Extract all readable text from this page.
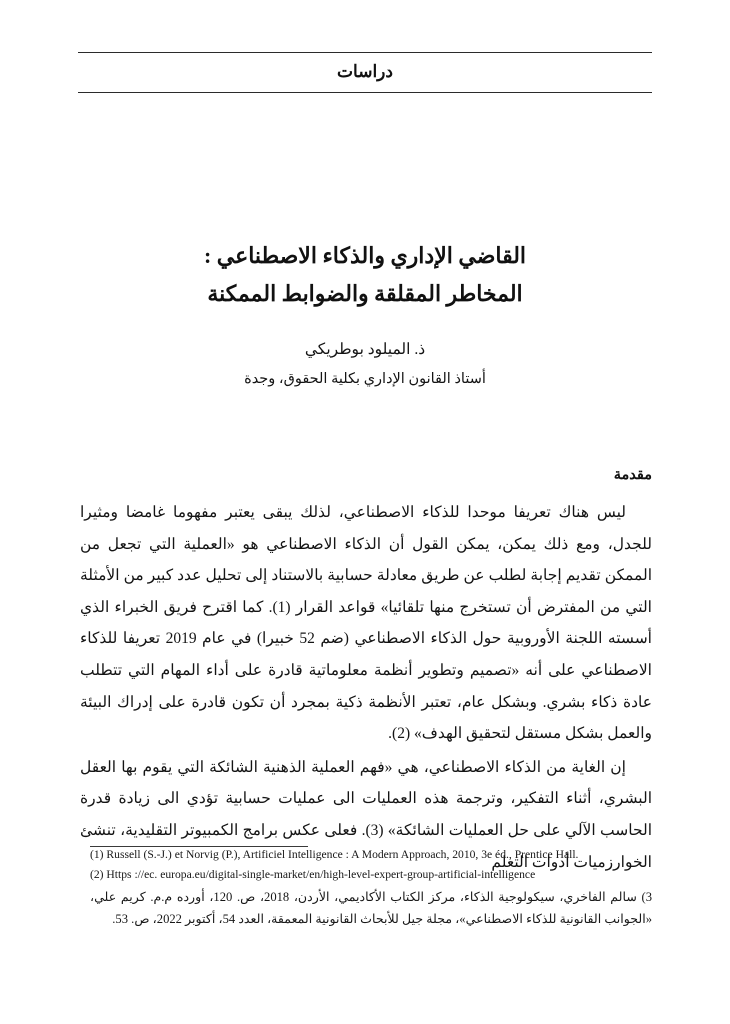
دراسات
القاضي الإداري والذكاء الاصطناعي :
المخاطر المقلقة والضوابط الممكنة
ذ. الميلود بوطريكي
أستاذ القانون الإداري بكلية الحقوق، وجدة
مقدمة

ليس هناك تعريفا موحدا للذكاء الاصطناعي، لذلك يبقى يعتبر مفهوما غامضا ومثيرا للجدل، ومع ذلك يمكن، يمكن القول أن الذكاء الاصطناعي هو «العملية التي تجعل من الممكن تقديم إجابة لطلب عن طريق معادلة حسابية بالاستناد إلى تحليل عدد كبير من الأمثلة التي من المفترض أن تستخرج منها تلقائيا» قواعد القرار (1). كما اقترح فريق الخبراء الذي أسسته اللجنة الأوروبية حول الذكاء الاصطناعي (ضم 52 خبيرا) في عام 2019 تعريفا للذكاء الاصطناعي على أنه «تصميم وتطوير أنظمة معلوماتية قادرة على أداء المهام التي تتطلب عادة ذكاء بشري. وبشكل عام، تعتبر الأنظمة ذكية بمجرد أن تكون قادرة على إدراك البيئة والعمل بشكل مستقل لتحقيق الهدف» (2).

إن الغاية من الذكاء الاصطناعي، هي «فهم العملية الذهنية الشائكة التي يقوم بها العقل البشري، أثناء التفكير، وترجمة هذه العمليات الى عمليات حسابية تؤدي الى زيادة قدرة الحاسب الآلي على حل العمليات الشائكة» (3). فعلى عكس برامج الكمبيوتر التقليدية، تنشئ الخوارزميات أدوات التعلم

(1) Russell (S.-J.) et Norvig (P.), Artificiel Intelligence : A Modern Approach, 2010, 3e éd., Prentice Hall.

(2) Https ://ec. europa.eu/digital-single-market/en/high-level-expert-group-artificial-intelligence

3) سالم الفاخري، سيكولوجية الذكاء، مركز الكتاب الأكاديمي، الأردن، 2018، ص. 120، أورده م.م. كريم علي، «الجوانب القانونية للذكاء الاصطناعي»، مجلة جيل للأبحاث القانونية المعمقة، العدد 54، أكتوبر 2022، ص. 53.
